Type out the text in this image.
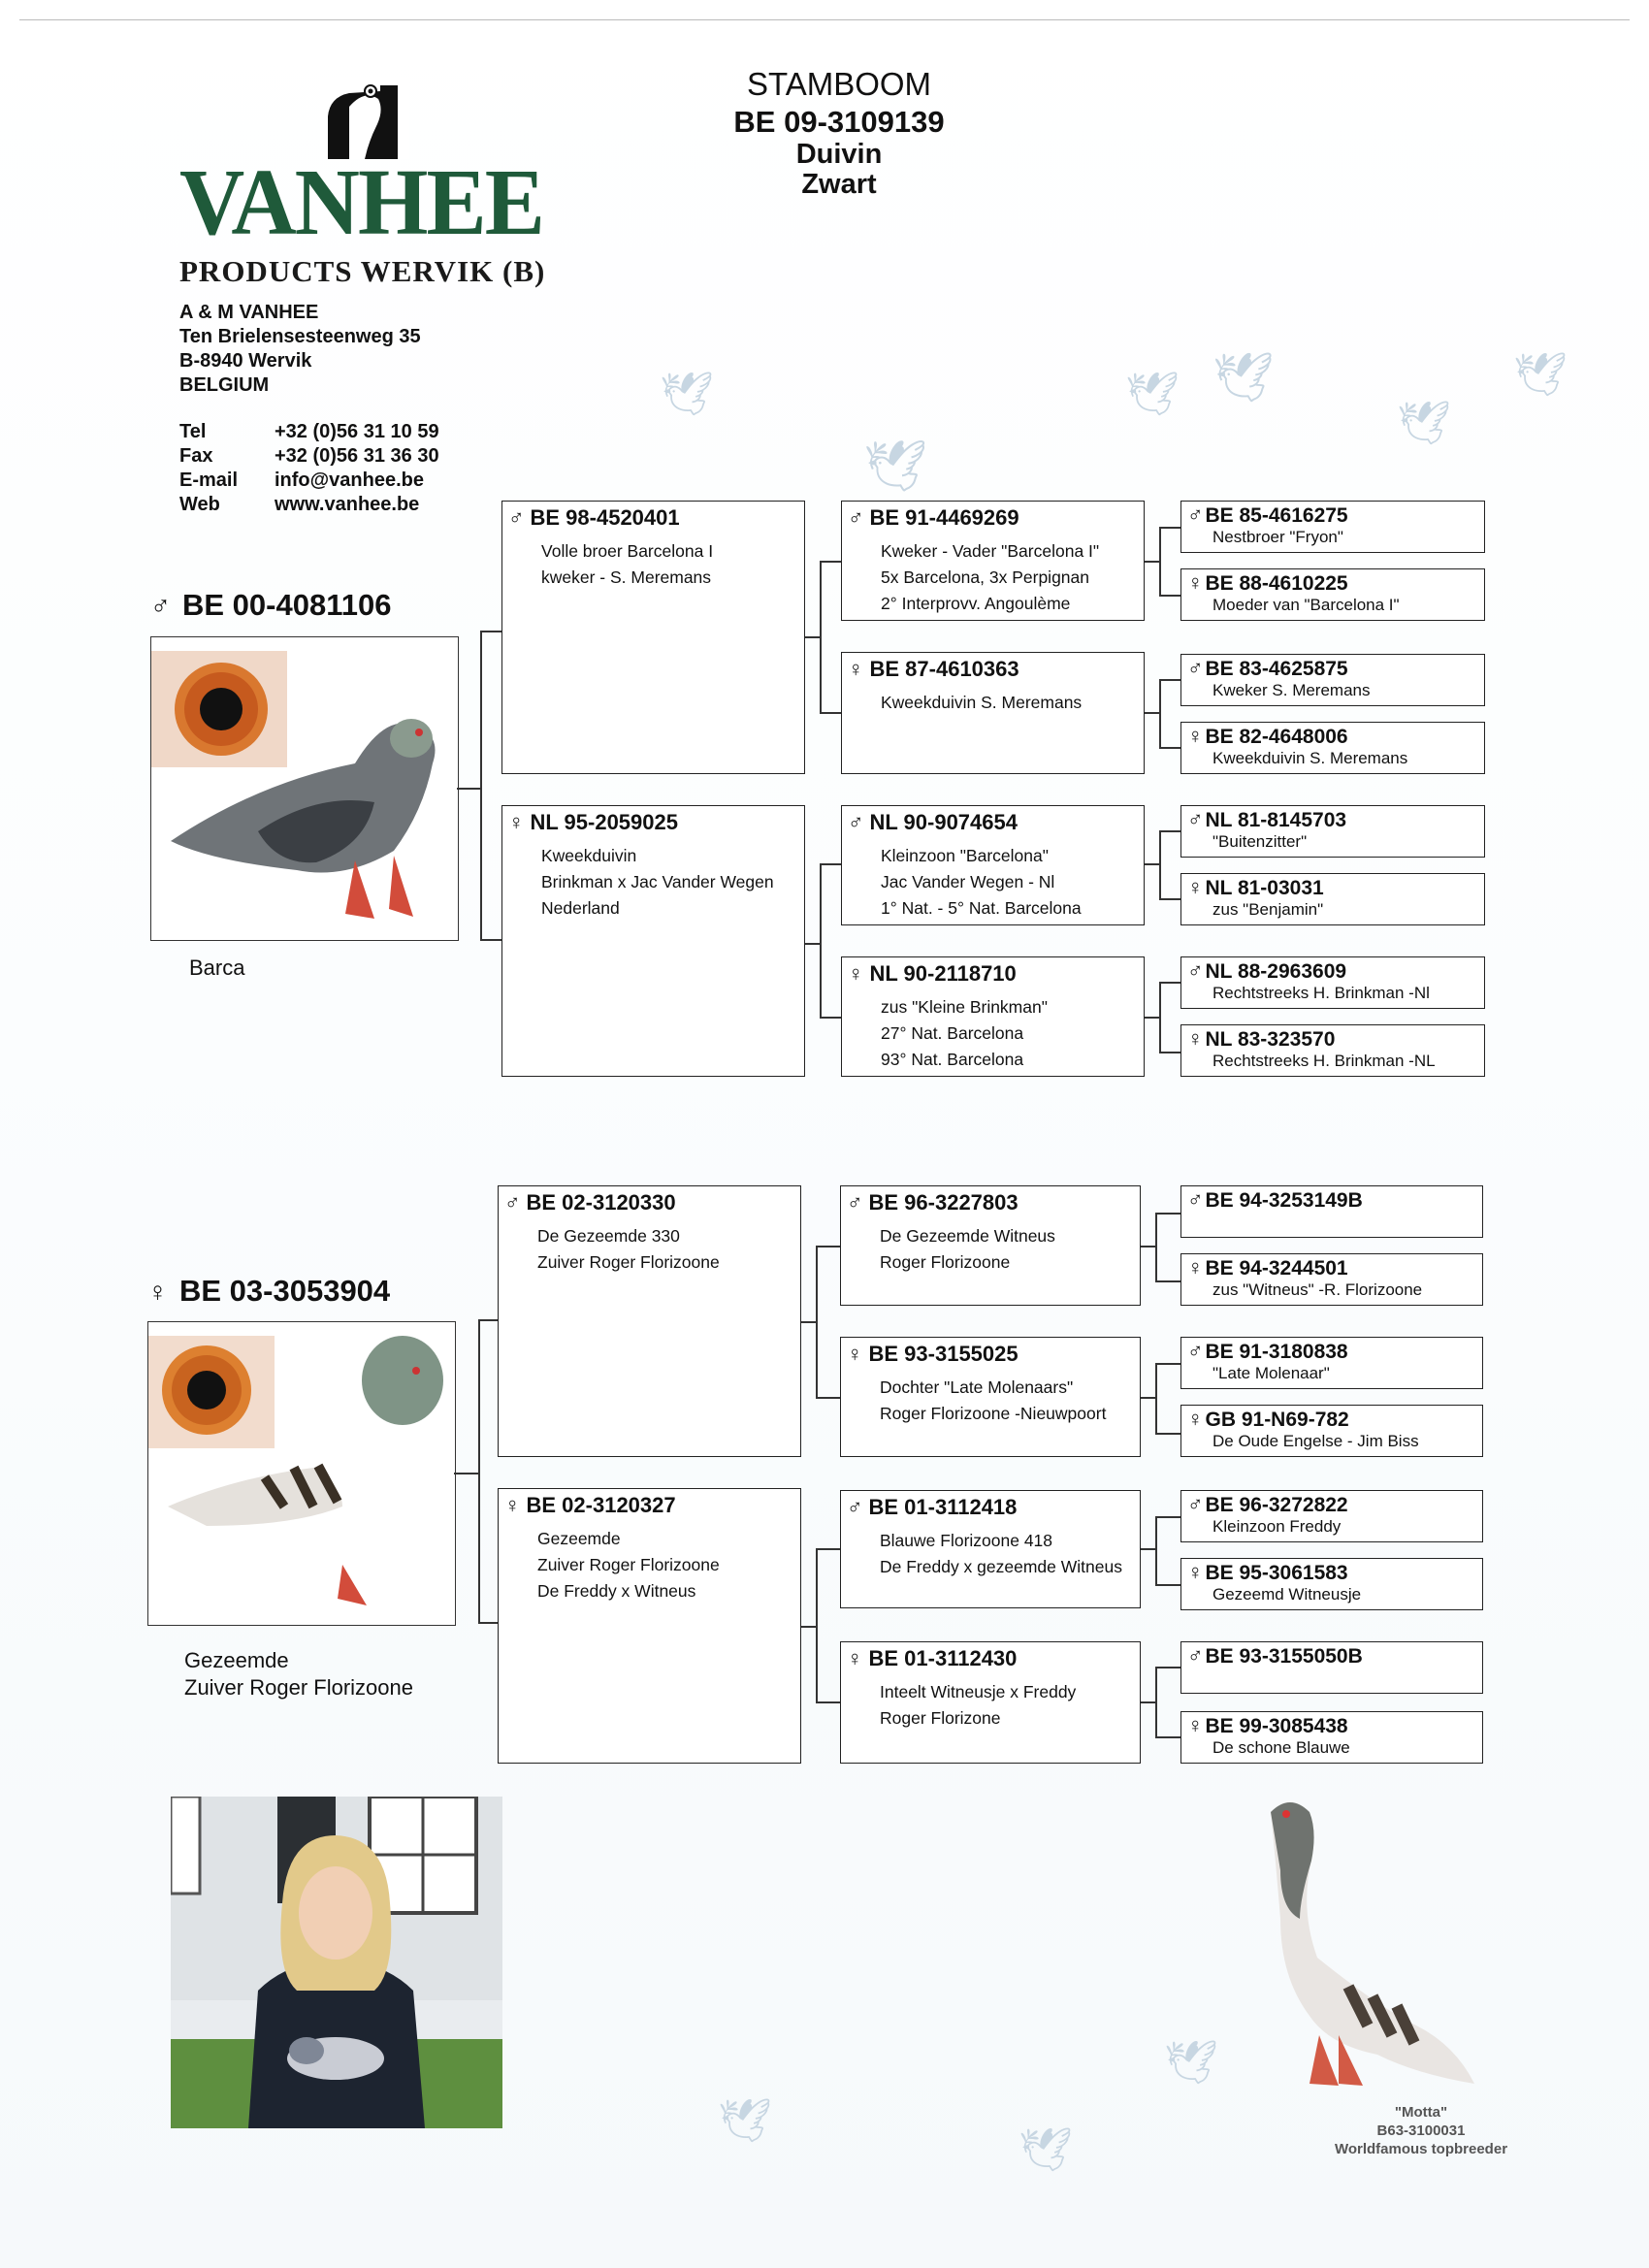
🕊
🕊
🕊 🕊
🕊
🕊
🕊
🕊
🕊
VANHEE
PRODUCTS WERVIK (B)
A & M VANHEE
Ten Brielensesteenweg 35
B-8940 Wervik
BELGIUM
Tel	+32 (0)56 31 10 59
Fax	+32 (0)56 31 36 30
E-mail	info@vanhee.be
Web	www.vanhee.be
STAMBOOM
BE 09-3109139
Duivin
Zwart
♂ BE 00-4081106
Barca
♀ BE 03-3053904
Gezeemde
Zuiver Roger Florizoone
♂ BE 98-4520401
Volle broer Barcelona I
kweker - S. Meremans
♀ NL 95-2059025
Kweekduivin
Brinkman x Jac Vander Wegen
Nederland
♂ BE 91-4469269
Kweker - Vader "Barcelona I"
5x Barcelona, 3x Perpignan
2° Interprovv. Angoulème
♀ BE 87-4610363
Kweekduivin S. Meremans
♂ NL 90-9074654
Kleinzoon "Barcelona"
Jac Vander Wegen - Nl
1° Nat. - 5° Nat. Barcelona
♀ NL 90-2118710
zus "Kleine Brinkman"
27° Nat. Barcelona
93° Nat. Barcelona
♂BE 85-4616275
Nestbroer "Fryon"
♀BE 88-4610225
Moeder van "Barcelona I"
♂BE 83-4625875
Kweker S. Meremans
♀BE 82-4648006
Kweekduivin S. Meremans
♂NL 81-8145703
"Buitenzitter"
♀NL 81-03031
zus "Benjamin"
♂NL 88-2963609
Rechtstreeks H. Brinkman -Nl
♀NL 83-323570
Rechtstreeks H. Brinkman -NL
♂ BE 02-3120330
De Gezeemde 330
Zuiver Roger Florizoone
♀ BE 02-3120327
Gezeemde
Zuiver Roger Florizoone
De Freddy x Witneus
♂ BE 96-3227803
De Gezeemde Witneus
Roger Florizoone
♀ BE 93-3155025
Dochter "Late Molenaars"
Roger Florizoone -Nieuwpoort
♂ BE 01-3112418
Blauwe Florizoone 418
De Freddy x gezeemde Witneus
♀ BE 01-3112430
Inteelt Witneusje x Freddy
Roger Florizone
♂BE 94-3253149B
♀BE 94-3244501
zus "Witneus" -R. Florizoone
♂BE 91-3180838
"Late Molenaar"
♀GB 91-N69-782
De Oude Engelse - Jim Biss
♂BE 96-3272822
Kleinzoon Freddy
♀BE 95-3061583
Gezeemd Witneusje
♂BE 93-3155050B
♀BE 99-3085438
De schone Blauwe
"Motta"
B63-3100031
Worldfamous topbreeder
